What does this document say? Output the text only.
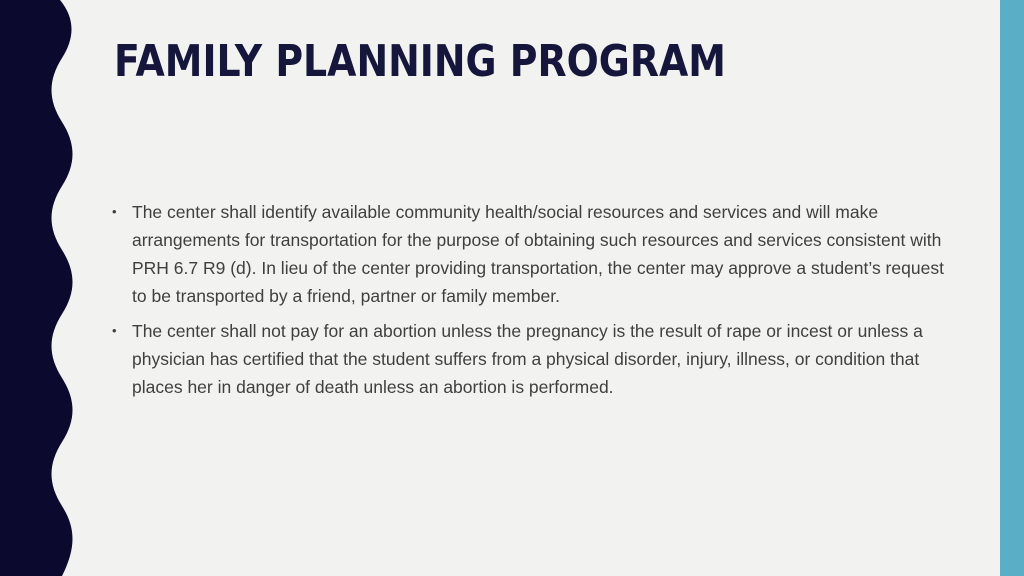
FAMILY PLANNING PROGRAM
• The center shall identify available community health/social resources and services and will make arrangements for transportation for the purpose of obtaining such resources and services consistent with PRH 6.7 R9 (d). In lieu of the center providing transportation, the center may approve a student’s request to be transported by a friend, partner or family member.
• The center shall not pay for an abortion unless the pregnancy is the result of rape or incest or unless a physician has certified that the student suffers from a physical disorder, injury, illness, or condition that places her in danger of death unless an abortion is performed.
